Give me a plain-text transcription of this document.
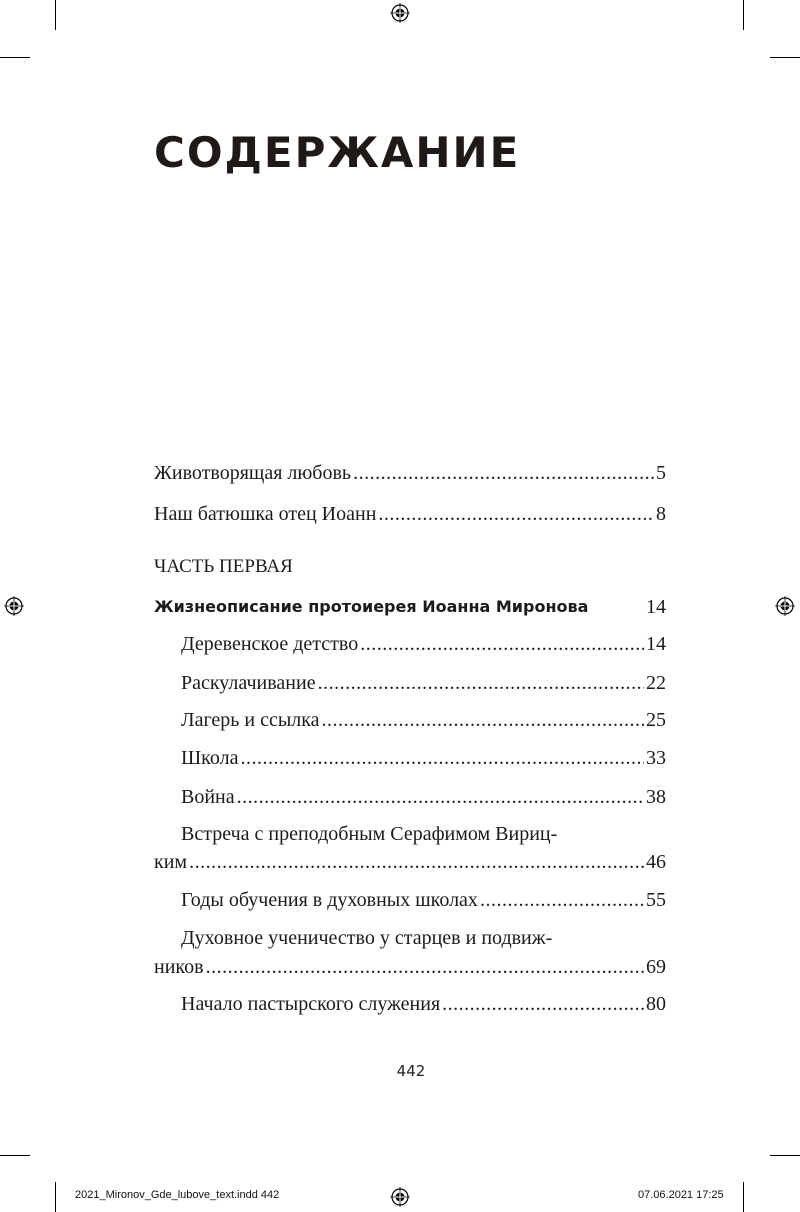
СОДЕРЖАНИЕ
Животворящая любовь .....	5
Наш батюшка отец Иоанн .....	8
ЧАСТЬ ПЕРВАЯ
Жизнеописание протоиерея Иоанна Миронова	14
Деревенское детство .....	14
Раскулачивание .....	22
Лагерь и ссылка .....	25
Школа .....	33
Война .....	38
Встреча с преподобным Серафимом Вириц-
ким .....	46
Годы обучения в духовных школах .....	55
Духовное ученичество у старцев и подвиж-
ников .....	69
Начало пастырского служения .....	80
442
2021_Mironov_Gde_lubove_text.indd 442	07.06.2021 17:25
